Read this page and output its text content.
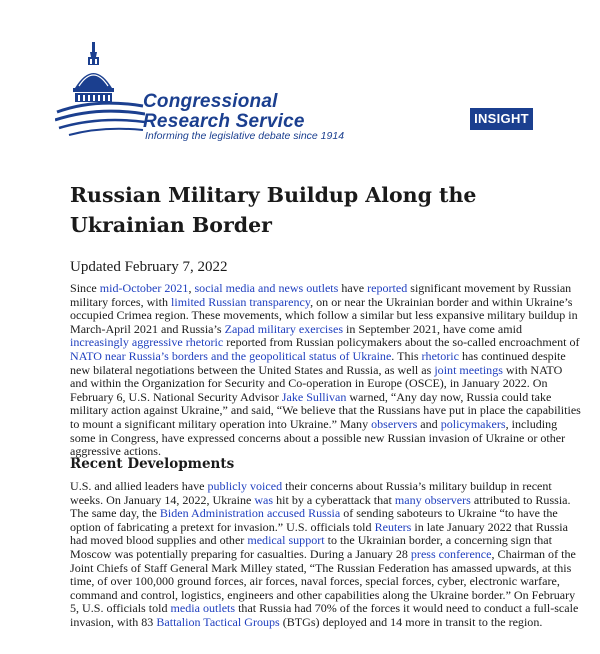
Congressional
Research Service
Informing the legislative debate since 1914
INSIGHT
Russian Military Buildup Along the Ukrainian Border

Updated February 7, 2022

Since mid-October 2021, social media and news outlets have reported significant movement by Russian
military forces, with limited Russian transparency, on or near the Ukrainian border and within Ukraine’s
occupied Crimea region. These movements, which follow a similar but less expansive military buildup in
March-April 2021 and Russia’s Zapad military exercises in September 2021, have come amid
increasingly aggressive rhetoric reported from Russian policymakers about the so-called encroachment of
NATO near Russia’s borders and the geopolitical status of Ukraine. This rhetoric has continued despite
new bilateral negotiations between the United States and Russia, as well as joint meetings with NATO
and within the Organization for Security and Co-operation in Europe (OSCE), in January 2022. On
February 6, U.S. National Security Advisor Jake Sullivan warned, “Any day now, Russia could take
military action against Ukraine,” and said, “We believe that the Russians have put in place the capabilities
to mount a significant military operation into Ukraine.” Many observers and policymakers, including
some in Congress, have expressed concerns about a possible new Russian invasion of Ukraine or other
aggressive actions.
Recent Developments
U.S. and allied leaders have publicly voiced their concerns about Russia’s military buildup in recent
weeks. On January 14, 2022, Ukraine was hit by a cyberattack that many observers attributed to Russia.
The same day, the Biden Administration accused Russia of sending saboteurs to Ukraine “to have the
option of fabricating a pretext for invasion.” U.S. officials told Reuters in late January 2022 that Russia
had moved blood supplies and other medical support to the Ukrainian border, a concerning sign that
Moscow was potentially preparing for casualties. During a January 28 press conference, Chairman of the
Joint Chiefs of Staff General Mark Milley stated, “The Russian Federation has amassed upwards, at this
time, of over 100,000 ground forces, air forces, naval forces, special forces, cyber, electronic warfare,
command and control, logistics, engineers and other capabilities along the Ukraine border.” On February
5, U.S. officials told media outlets that Russia had 70% of the forces it would need to conduct a full-scale
invasion, with 83 Battalion Tactical Groups (BTGs) deployed and 14 more in transit to the region.
